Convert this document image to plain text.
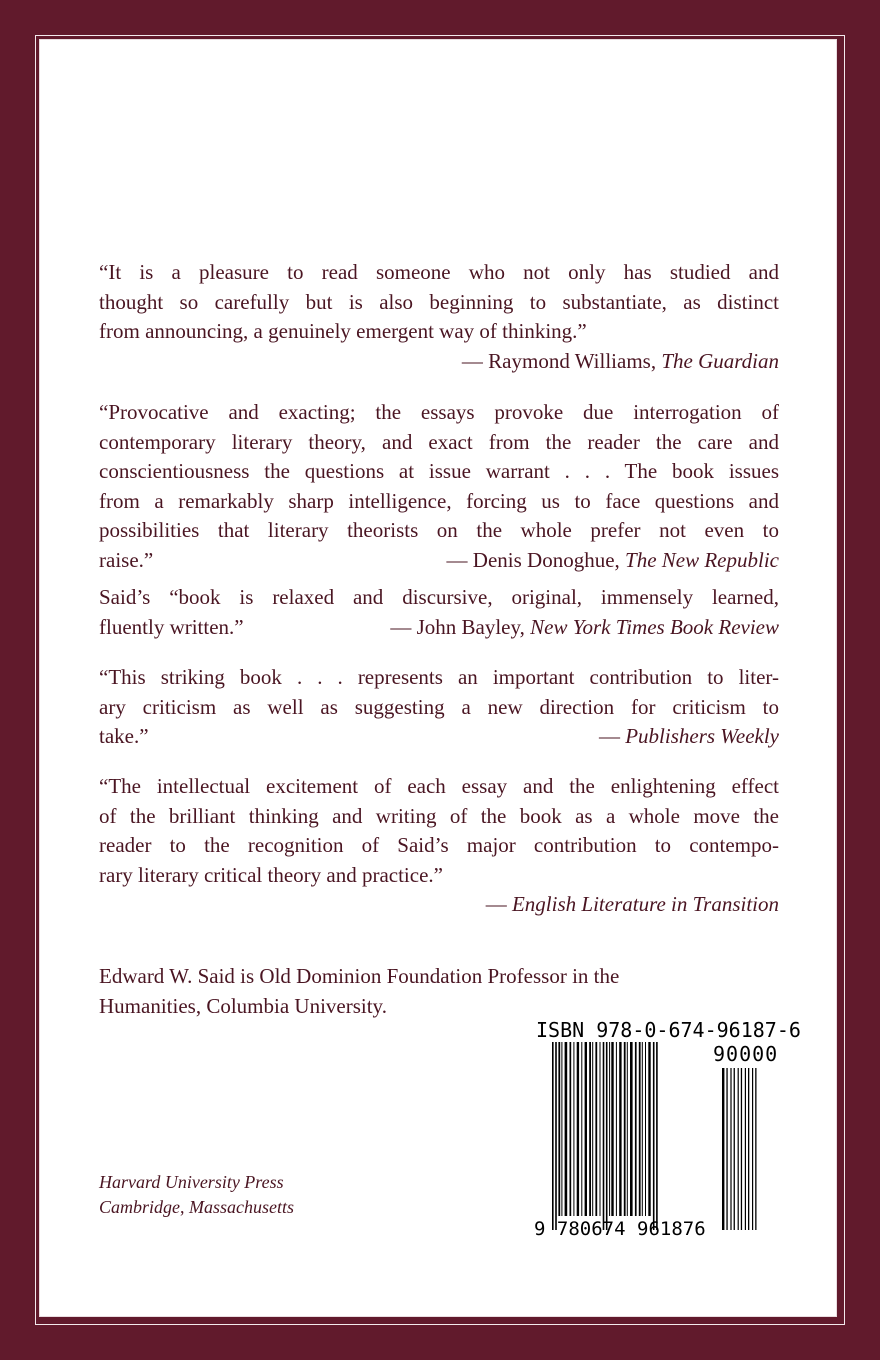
“It is a pleasure to read someone who not only has studied and
thought so carefully but is also beginning to substantiate, as distinct
from announcing, a genuinely emergent way of thinking.”
— Raymond Williams, The Guardian
“Provocative and exacting; the essays provoke due interrogation of
contemporary literary theory, and exact from the reader the care and
conscientiousness the questions at issue warrant . . . The book issues
from a remarkably sharp intelligence, forcing us to face questions and
possibilities that literary theorists on the whole prefer not even to
raise.”	— Denis Donoghue, The New Republic
Said’s “book is relaxed and discursive, original, immensely learned,
fluently written.”	— John Bayley, New York Times Book Review
“This striking book . . . represents an important contribution to liter-
ary criticism as well as suggesting a new direction for criticism to
take.”	— Publishers Weekly
“The intellectual excitement of each essay and the enlightening effect
of the brilliant thinking and writing of the book as a whole move the
reader to the recognition of Said’s major contribution to contempo-
rary literary critical theory and practice.”
— English Literature in Transition
Edward W. Said is Old Dominion Foundation Professor in the
Humanities, Columbia University.
Harvard University Press
Cambridge, Massachusetts
ISBN 978-0-674-96187-6
90000
9 780674 961876
